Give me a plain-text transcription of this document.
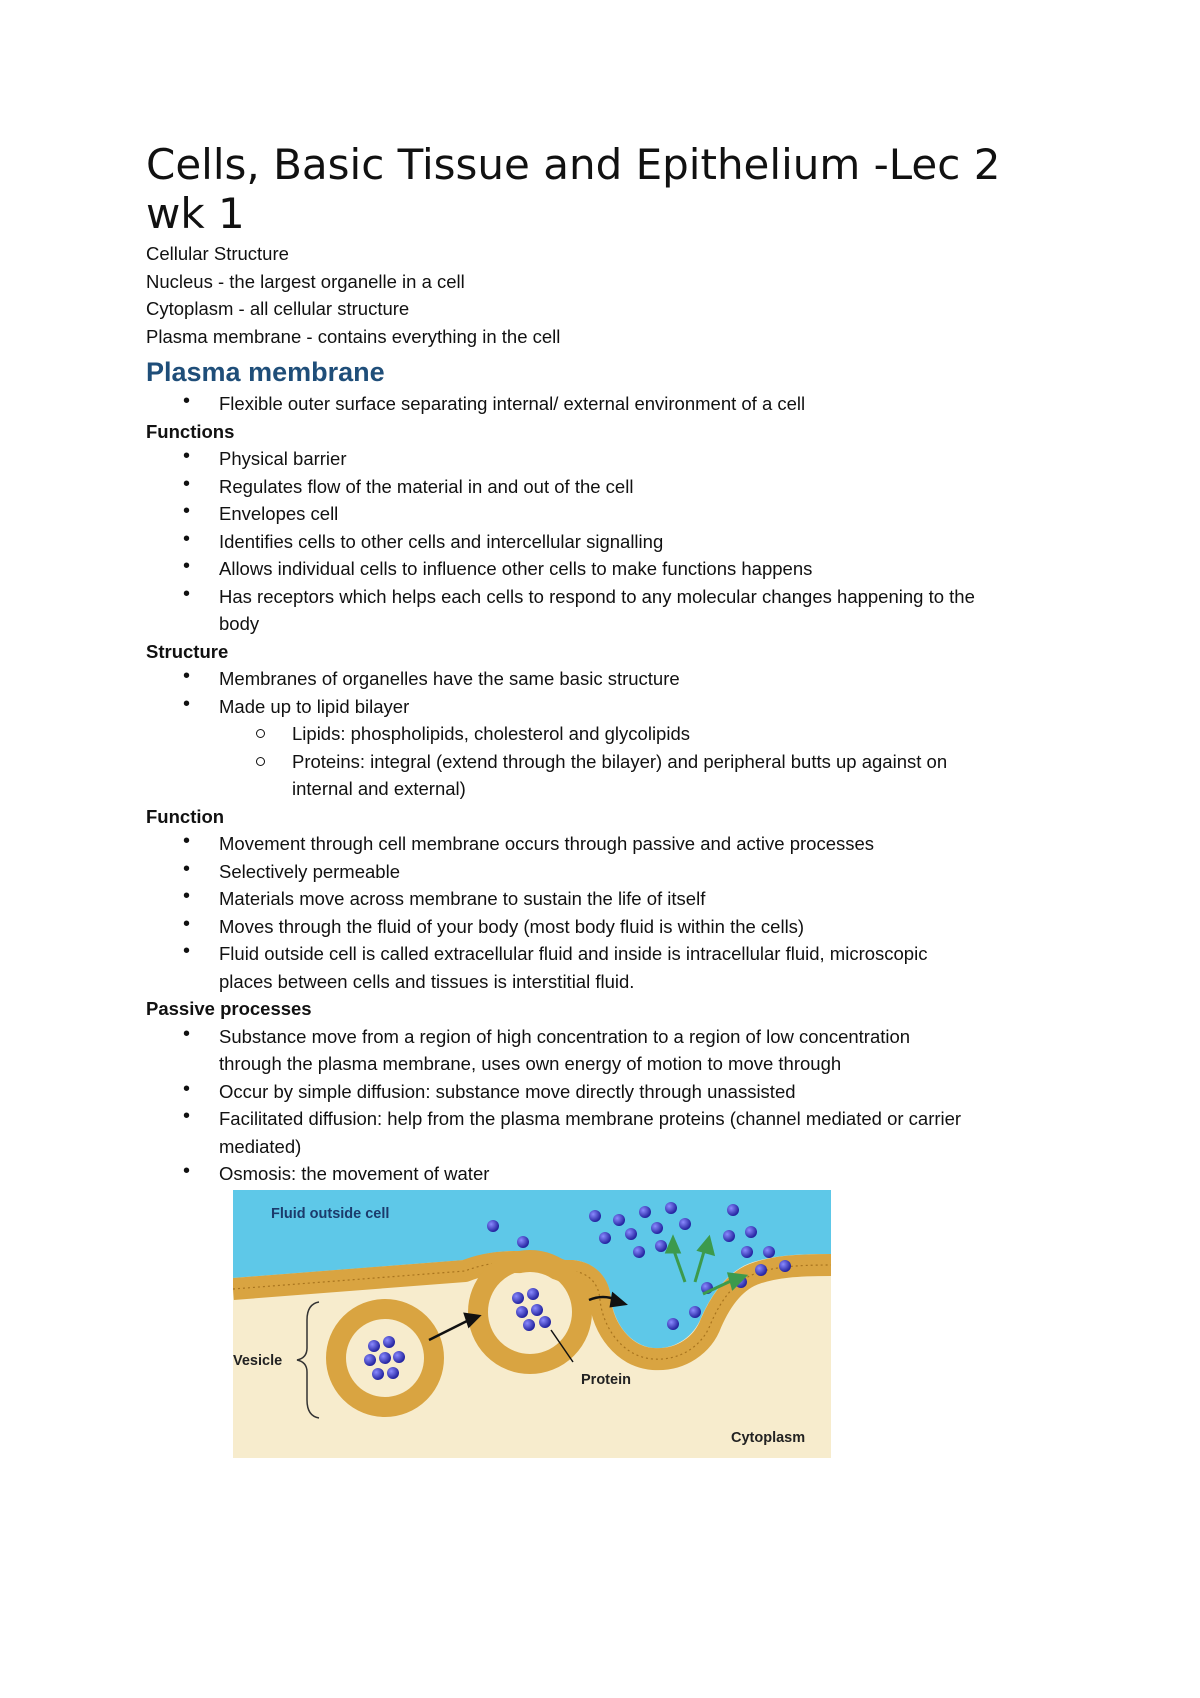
Cells, Basic Tissue and Epithelium -Lec 2 wk 1
Cellular Structure
Nucleus - the largest organelle in a cell
Cytoplasm - all cellular structure
Plasma membrane - contains everything in the cell
Plasma membrane
• Flexible outer surface separating internal/ external environment of a cell
Functions
• Physical barrier
• Regulates flow of the material in and out of the cell
• Envelopes cell
• Identifies cells to other cells and intercellular signalling
• Allows individual cells to influence other cells to make functions happens
• Has receptors which helps each cells to respond to any molecular changes happening to the
body
Structure
• Membranes of organelles have the same basic structure
• Made up to lipid bilayer
Lipids: phospholipids, cholesterol and glycolipids
Proteins: integral (extend through the bilayer) and peripheral butts up against on
internal and external)
Function
• Movement through cell membrane occurs through passive and active processes
• Selectively permeable
• Materials move across membrane to sustain the life of itself
• Moves through the fluid of your body (most body fluid is within the cells)
• Fluid outside cell is called extracellular fluid and inside is intracellular fluid, microscopic
places between cells and tissues is interstitial fluid.
Passive processes
• Substance move from a region of high concentration to a region of low concentration
through the plasma membrane, uses own energy of motion to move through
• Occur by simple diffusion: substance move directly through unassisted
• Facilitated diffusion: help from the plasma membrane proteins (channel mediated or carrier
mediated)
• Osmosis: the movement of water
Fluid outside cell
Vesicle
Protein
Cytoplasm
